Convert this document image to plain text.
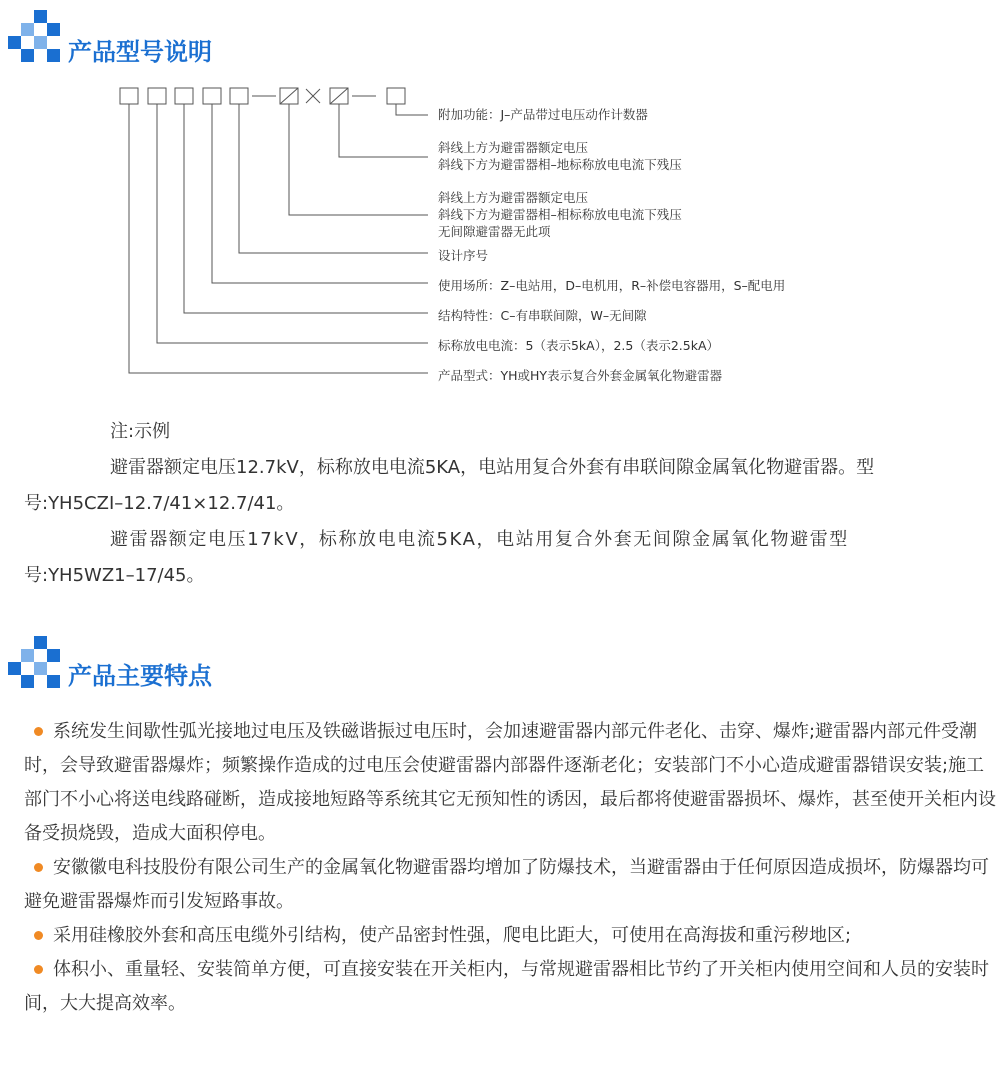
产品型号说明
附加功能：J–产品带过电压动作计数器
斜线上方为避雷器额定电压
斜线下方为避雷器相–地标称放电电流下残压
斜线上方为避雷器额定电压
斜线下方为避雷器相–相标称放电电流下残压
无间隙避雷器无此项
设计序号
使用场所：Z–电站用，D–电机用，R–补偿电容器用，S–配电用
结构特性：C–有串联间隙，W–无间隙
标称放电电流：5（表示5kA），2.5（表示2.5kA）
产品型式：YH或HY表示复合外套金属氧化物避雷器

注:示例

避雷器额定电压12.7kV，标称放电电流5KA，电站用复合外套有串联间隙金属氧化物避雷器。型

号:YH5CZI–12.7/41×12.7/41。

避雷器额定电压17kV，标称放电电流5KA，电站用复合外套无间隙金属氧化物避雷型

号:YH5WZ1–17/45。

产品主要特点

系统发生间歇性弧光接地过电压及铁磁谐振过电压时，会加速避雷器内部元件老化、击穿、爆炸;避雷器内部元件受潮时，会导致避雷器爆炸；频繁操作造成的过电压会使避雷器内部器件逐渐老化；安装部门不小心造成避雷器错误安装;施工部门不小心将送电线路碰断，造成接地短路等系统其它无预知性的诱因，最后都将使避雷器损坏、爆炸，甚至使开关柜内设备受损烧毁，造成大面积停电。

安徽徽电科技股份有限公司生产的金属氧化物避雷器均增加了防爆技术，当避雷器由于任何原因造成损坏，防爆器均可避免避雷器爆炸而引发短路事故。

采用硅橡胶外套和高压电缆外引结构，使产品密封性强，爬电比距大，可使用在高海拔和重污秽地区;

体积小、重量轻、安装简单方便，可直接安装在开关柜内，与常规避雷器相比节约了开关柜内使用空间和人员的安装时间，大大提高效率。
